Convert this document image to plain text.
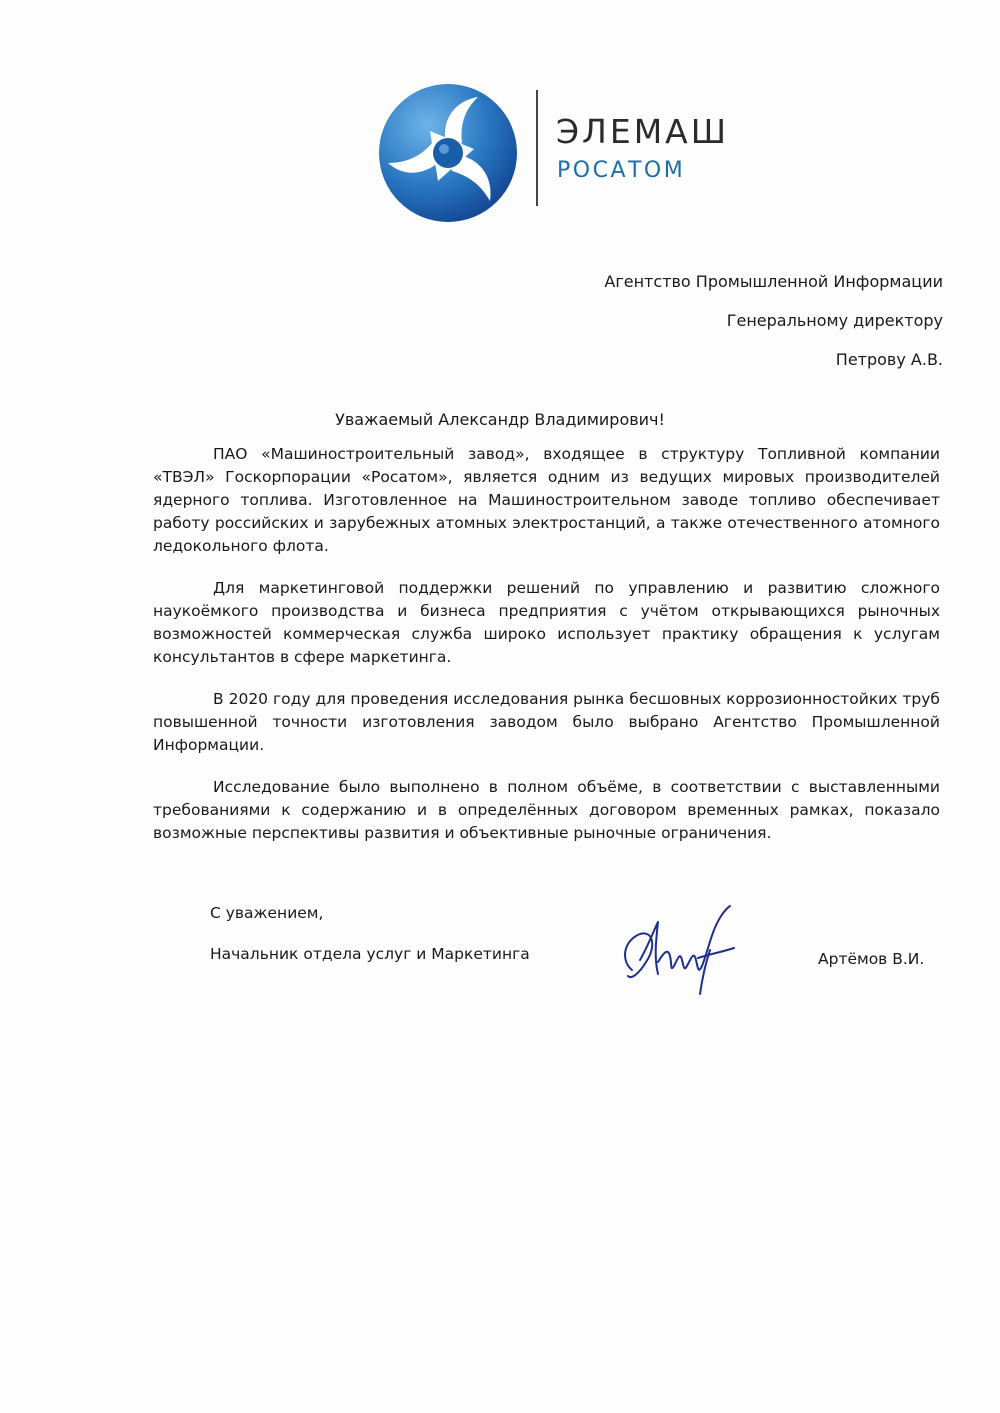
ЭЛЕМАШ
РОСАТОМ
Агентство Промышленной Информации
Генеральному директору
Петрову А.В.
Уважаемый Александр Владимирович!

ПАО «Машиностроительный завод», входящее в структуру Топливной компании «ТВЭЛ» Госкорпорации «Росатом», является одним из ведущих мировых производителей ядерного топлива. Изготовленное на Машиностроительном заводе топливо обеспечивает работу российских и зарубежных атомных электростанций, а также отечественного атомного ледокольного флота.

Для маркетинговой поддержки решений по управлению и развитию сложного наукоёмкого производства и бизнеса предприятия с учётом открывающихся рыночных возможностей коммерческая служба широко использует практику обращения к услугам консультантов в сфере маркетинга.

В 2020 году для проведения исследования рынка бесшовных коррозионностойких труб повышенной точности изготовления заводом было выбрано Агентство Промышленной Информации.

Исследование было выполнено в полном объёме, в соответствии с выставленными требованиями к содержанию и в определённых договором временных рамках, показало возможные перспективы развития и объективные рыночные ограничения.

С уважением,
Начальник отдела услуг и Маркетинга	Артёмов В.И.
